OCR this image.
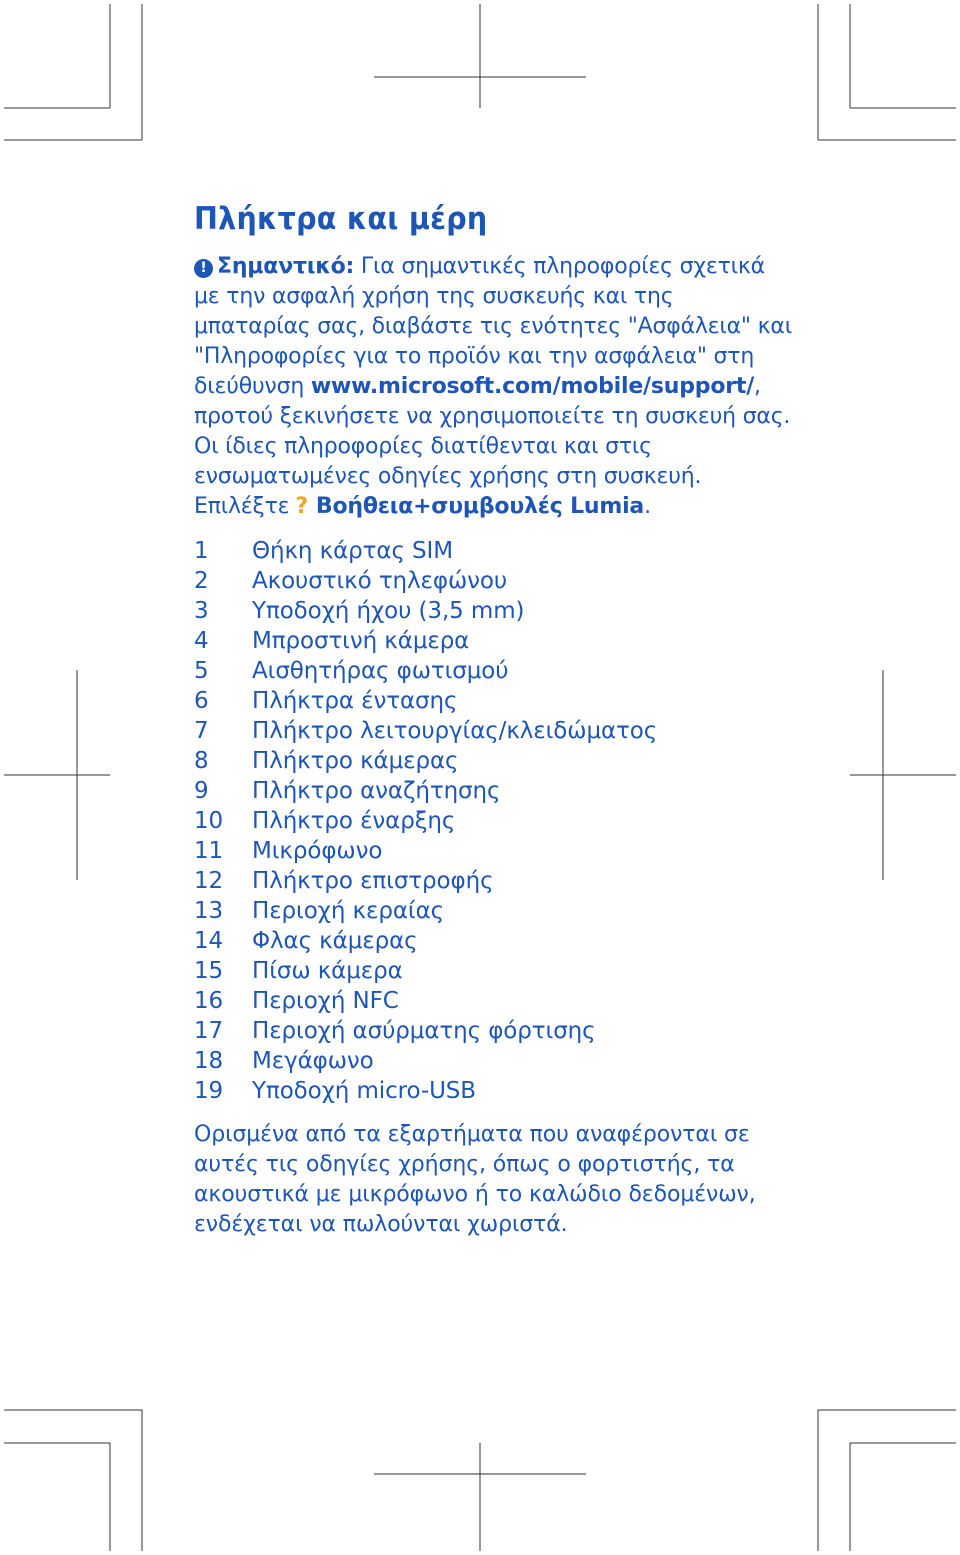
Πλήκτρα και μέρη

! Σημαντικό: Για σημαντικές πληροφορίες σχετικά με την ασφαλή χρήση της συσκευής και της μπαταρίας σας, διαβάστε τις ενότητες "Ασφάλεια" και "Πληροφορίες για το προϊόν και την ασφάλεια" στη διεύθυνση www.microsoft.com/mobile/support/, προτού ξεκινήσετε να χρησιμοποιείτε τη συσκευή σας. Οι ίδιες πληροφορίες διατίθενται και στις ενσωματωμένες οδηγίες χρήσης στη συσκευή. Επιλέξτε ? Βοήθεια+συμβουλές Lumia.

1	Θήκη κάρτας SIM
2	Ακουστικό τηλεφώνου
3	Υποδοχή ήχου (3,5 mm)
4	Μπροστινή κάμερα
5	Αισθητήρας φωτισμού
6	Πλήκτρα έντασης
7	Πλήκτρο λειτουργίας/κλειδώματος
8	Πλήκτρο κάμερας
9	Πλήκτρο αναζήτησης
10	Πλήκτρο έναρξης
11	Μικρόφωνο
12	Πλήκτρο επιστροφής
13	Περιοχή κεραίας
14	Φλας κάμερας
15	Πίσω κάμερα
16	Περιοχή NFC
17	Περιοχή ασύρματης φόρτισης
18	Μεγάφωνο
19	Υποδοχή micro-USB

Ορισμένα από τα εξαρτήματα που αναφέρονται σε αυτές τις οδηγίες χρήσης, όπως ο φορτιστής, τα ακουστικά με μικρόφωνο ή το καλώδιο δεδομένων, ενδέχεται να πωλούνται χωριστά.
